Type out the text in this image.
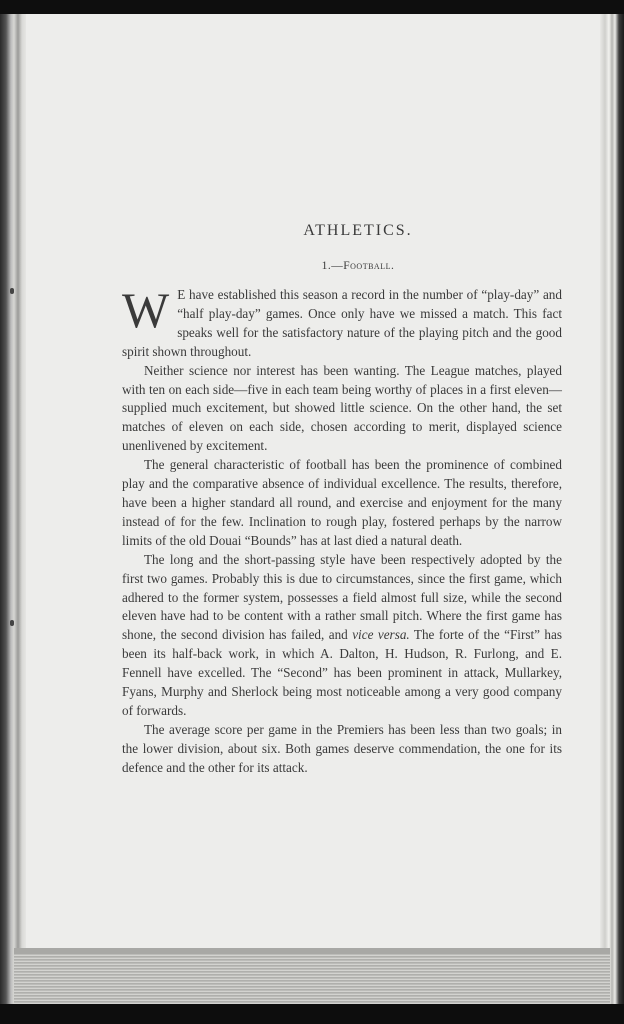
ATHLETICS.
1.—Football.

W E have established this season a record in the number of “play-day” and “half play-day” games. Once only have we missed a match. This fact speaks well for the satisfactory nature of the playing pitch and the good spirit shown throughout.

Neither science nor interest has been wanting. The League matches, played with ten on each side—five in each team being worthy of places in a first eleven—supplied much excitement, but showed little science. On the other hand, the set matches of eleven on each side, chosen according to merit, displayed science unenlivened by excitement.

The general characteristic of football has been the prominence of combined play and the comparative absence of individual excellence. The results, therefore, have been a higher standard all round, and exercise and enjoyment for the many instead of for the few. Inclination to rough play, fostered perhaps by the narrow limits of the old Douai “Bounds” has at last died a natural death.

The long and the short-passing style have been respectively adopted by the first two games. Probably this is due to circumstances, since the first game, which adhered to the former system, possesses a field almost full size, while the second eleven have had to be content with a rather small pitch. Where the first game has shone, the second division has failed, and vice versa. The forte of the “First” has been its half-back work, in which A. Dalton, H. Hudson, R. Furlong, and E. Fennell have excelled. The “Second” has been prominent in attack, Mullarkey, Fyans, Murphy and Sherlock being most noticeable among a very good company of forwards.

The average score per game in the Premiers has been less than two goals; in the lower division, about six. Both games deserve commendation, the one for its defence and the other for its attack.
